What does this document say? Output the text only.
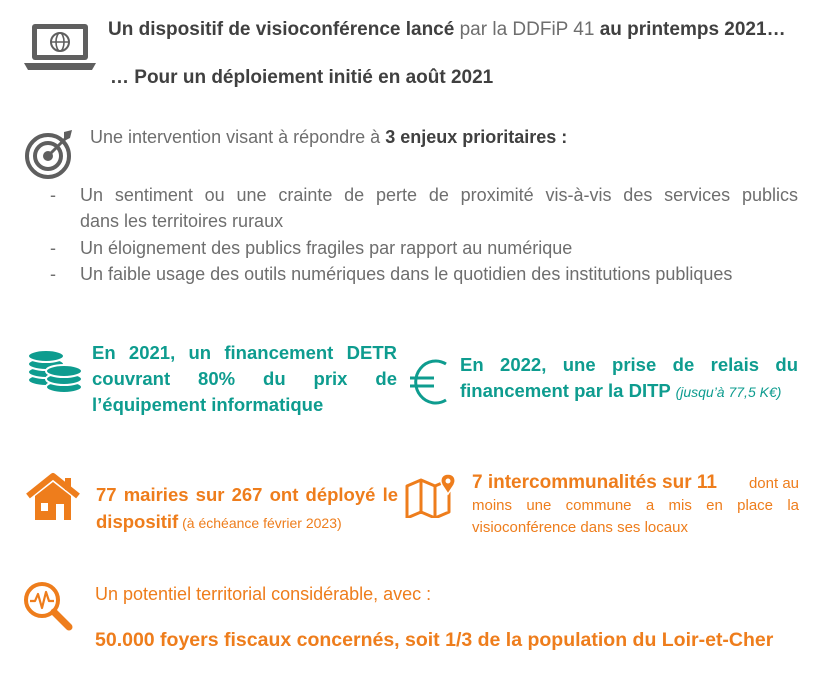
Un dispositif de visioconférence lancé par la DDFiP 41 au printemps 2021…
… Pour un déploiement initié en août 2021
Une intervention visant à répondre à 3 enjeux prioritaires :
- Un sentiment ou une crainte de perte de proximité vis-à-vis des services publics
dans les territoires ruraux
- Un éloignement des publics fragiles par rapport au numérique
- Un faible usage des outils numériques dans le quotidien des institutions publiques
En 2021, un financement DETR
couvrant 80% du prix de
l’équipement informatique
En 2022, une prise de relais du
financement par la DITP (jusqu’à 77,5 K€)
77 mairies sur 267 ont déployé le
dispositif (à échéance février 2023)
7 intercommunalités sur 11 dont au
moins une commune a mis en place la
visioconférence dans ses locaux
Un potentiel territorial considérable, avec :
50.000 foyers fiscaux concernés, soit 1/3 de la population du Loir-et-Cher
